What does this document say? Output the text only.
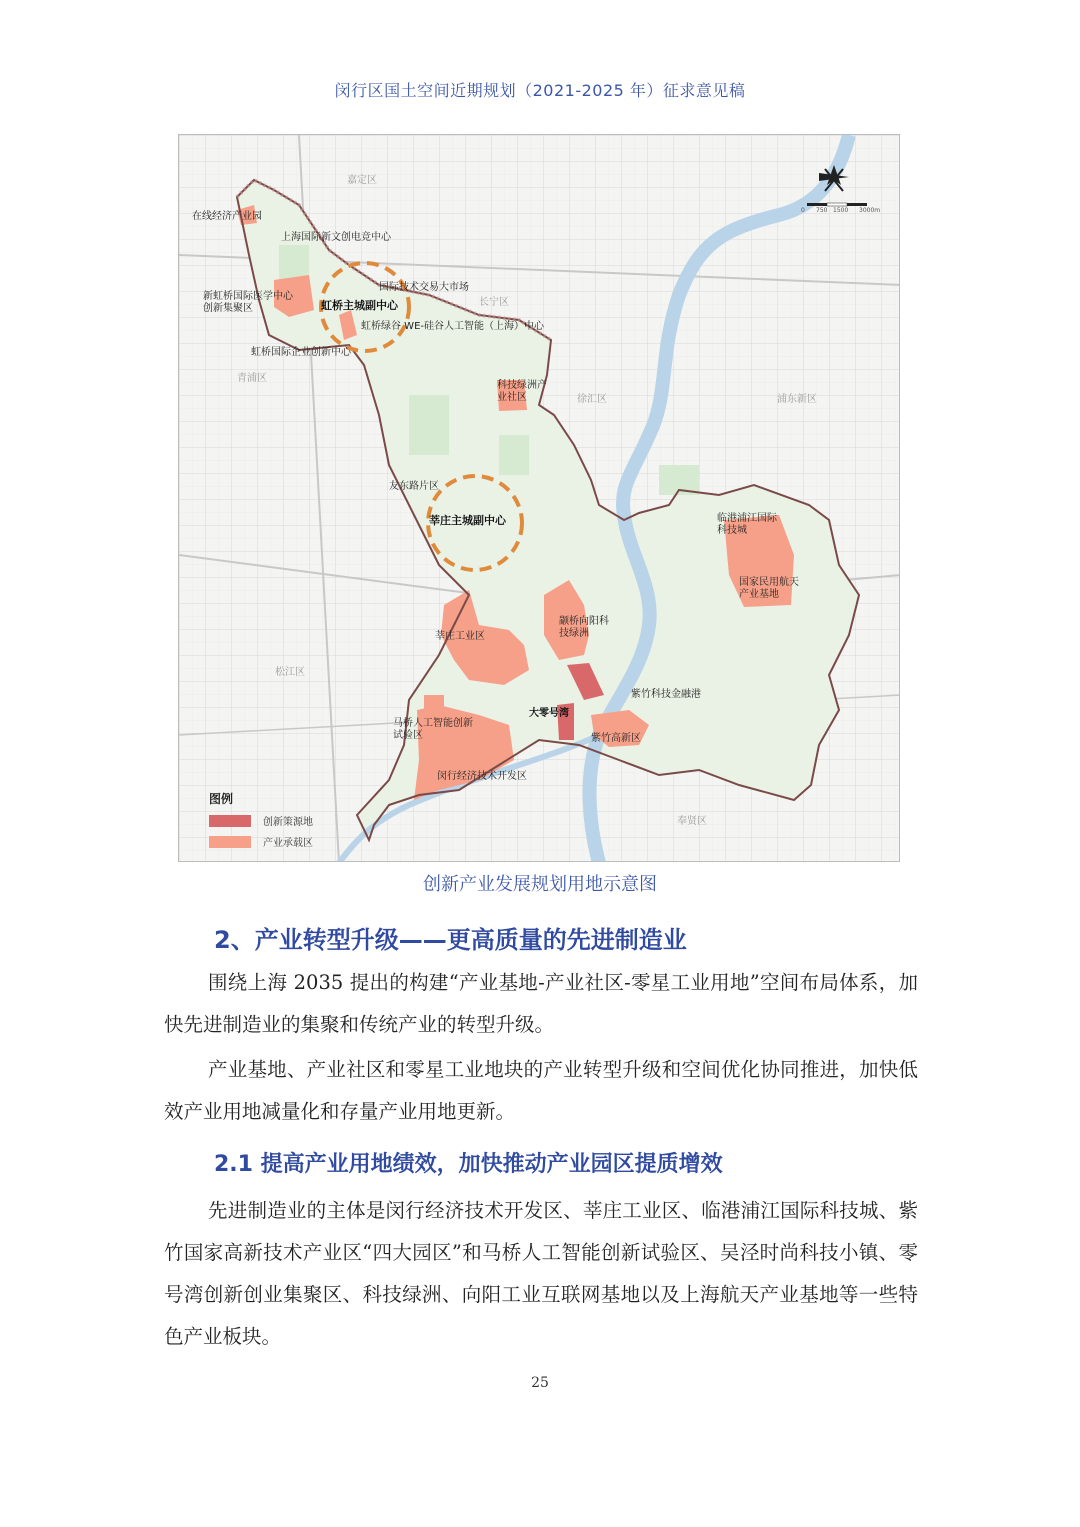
闵行区国土空间近期规划（2021-2025 年）征求意见稿
0 750 1500 3000m
嘉定区
长宁区
青浦区
徐汇区	浦东新区
松江区
奉贤区
虹桥主城副中心
莘庄主城副中心
在线经济产业园
上海国际新文创电竞中心
国际技术交易大市场
新虹桥国际医学中心创新集聚区
虹桥绿谷 WE-硅谷人工智能（上海）中心
虹桥国际企业创新中心
科技绿洲产业社区
友东路片区
临港浦江国际科技城
国家民用航天产业基地
莘庄工业区
颛桥向阳科技绿洲
紫竹科技金融港
马桥人工智能创新试验区	紫竹高新区
闵行经济技术开发区
大零号湾
图例
创新策源地
产业承载区
创新产业发展规划用地示意图
2、产业转型升级——更高质量的先进制造业

围绕上海 2035 提出的构建“产业基地-产业社区-零星工业用地”空间布局体系，加快先进制造业的集聚和传统产业的转型升级。

产业基地、产业社区和零星工业地块的产业转型升级和空间优化协同推进，加快低效产业用地减量化和存量产业用地更新。

2.1 提高产业用地绩效，加快推动产业园区提质增效

先进制造业的主体是闵行经济技术开发区、莘庄工业区、临港浦江国际科技城、紫竹国家高新技术产业区“四大园区”和马桥人工智能创新试验区、吴泾时尚科技小镇、零号湾创新创业集聚区、科技绿洲、向阳工业互联网基地以及上海航天产业基地等一些特色产业板块。

25
